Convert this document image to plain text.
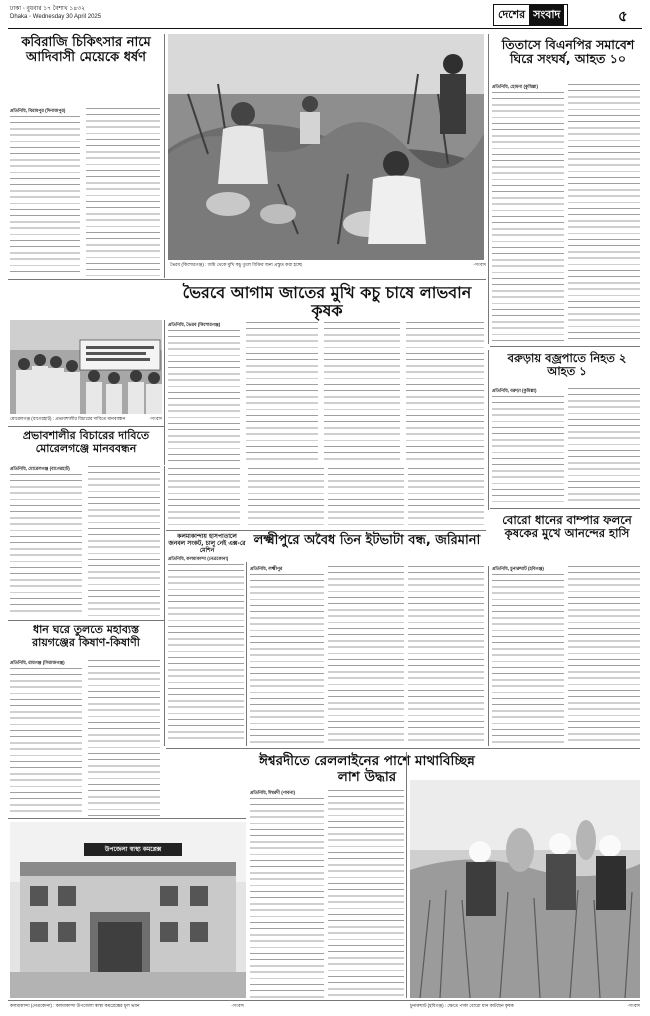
ঢাকা ◦ বুধবার ১৭ বৈশাখ ১৪৩২
Dhaka ◦ Wednesday 30 April 2025	দেশের সংবাদ	৫
কবিরাজি চিকিৎসার নামে আদিবাসী মেয়েকে ধর্ষণ
প্রতিনিধি, বিরামপুর (দিনাজপুর)
তিতাসে বিএনপির সমাবেশ ঘিরে সংঘর্ষ, আহত ১০
প্রতিনিধি, হোমনা (কুমিল্লা)
ভৈরব (কিশোরগঞ্জ) : জমি থেকে মুখি কচু তুলে বিক্রির জন্য প্রস্তুত করা হচ্ছে	-সংবাদ
ভৈরবে আগাম জাতের মুখি কচু চাষে লাভবান কৃষক
মোরেলগঞ্জ (বাগেরহাট) : প্রভাবশালীর বিচারের দাবিতে মানববন্ধন	-সংবাদ
প্রতিনিধি, ভৈরব (কিশোরগঞ্জ)
বরুড়ায় বজ্রপাতে নিহত ২ আহত ১
প্রতিনিধি, বরুড়া (কুমিল্লা)
প্রভাবশালীর বিচারের দাবিতে মোরেলগঞ্জে মানববন্ধন
প্রতিনিধি, মোরেলগঞ্জ (বাগেরহাট)
কলমাকান্দায় হাসপাতালে জনবল সংকট, চালু নেই এক্স-রে মেশিন
প্রতিনিধি, কলমাকান্দা (নেত্রকোনা)
বোরো ধানের বাম্পার ফলনে কৃষকের মুখে আনন্দের হাসি
লক্ষ্মীপুরে অবৈধ তিন ইটভাটা বন্ধ, জরিমানা
প্রতিনিধি, লক্ষ্মীপুর	প্রতিনিধি, চুনারুঘাট (হবিগঞ্জ)
ধান ঘরে তুলতে মহাব্যস্ত রায়গঞ্জের কিষাণ-কিষাণী
প্রতিনিধি, রায়গঞ্জ (সিরাজগঞ্জ)
ঈশ্বরদীতে রেললাইনের পাশে মাথাবিচ্ছিন্ন লাশ উদ্ধার
প্রতিনিধি, ঈশ্বরদী (পাবনা)
উপজেলা স্বাস্থ্য কমপ্লেক্স
কলমাকান্দা (নেত্রকোনা) : কলমাকান্দা উপজেলা স্বাস্থ্য কমপ্লেক্সের মূল ভবন	-সংবাদ	চুনারুঘাট (হবিগঞ্জ) : ক্ষেতে পাকা বোরো ধান কাটছেন কৃষক	-সংবাদ
